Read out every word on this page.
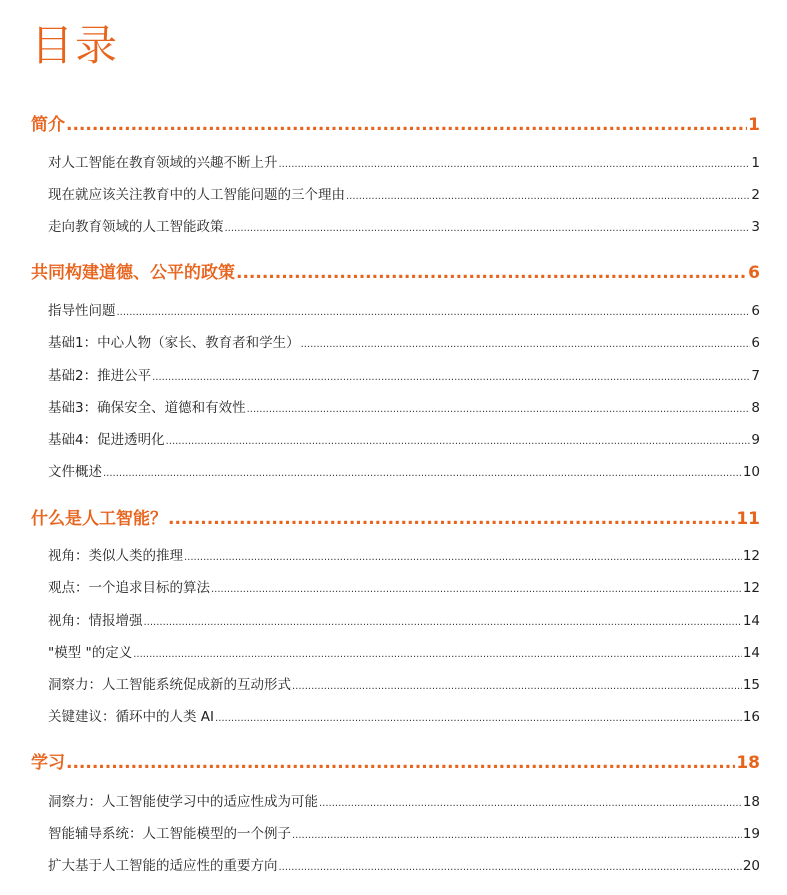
目录
简介 .....	1
对人工智能在教育领域的兴趣不断上升 .....	1
现在就应该关注教育中的人工智能问题的三个理由 .....	2
走向教育领域的人工智能政策 .....	3
共同构建道德、公平的政策 .....	6
指导性问题 .....	6
基础1：中心人物（家长、教育者和学生） .....	6
基础2：推进公平 .....	7
基础3：确保安全、道德和有效性 .....	8
基础4：促进透明化 .....	9
文件概述 .....	10
什么是人工智能？ .....	11
视角：类似人类的推理 .....	12
观点：一个追求目标的算法 .....	12
视角：情报增强 .....	14
"模型 "的定义 .....	14
洞察力：人工智能系统促成新的互动形式 .....	15
关键建议：循环中的人类 AI .....	16
学习 .....	18
洞察力：人工智能使学习中的适应性成为可能 .....	18
智能辅导系统：人工智能模型的一个例子 .....	19
扩大基于人工智能的适应性的重要方向 .....	20
